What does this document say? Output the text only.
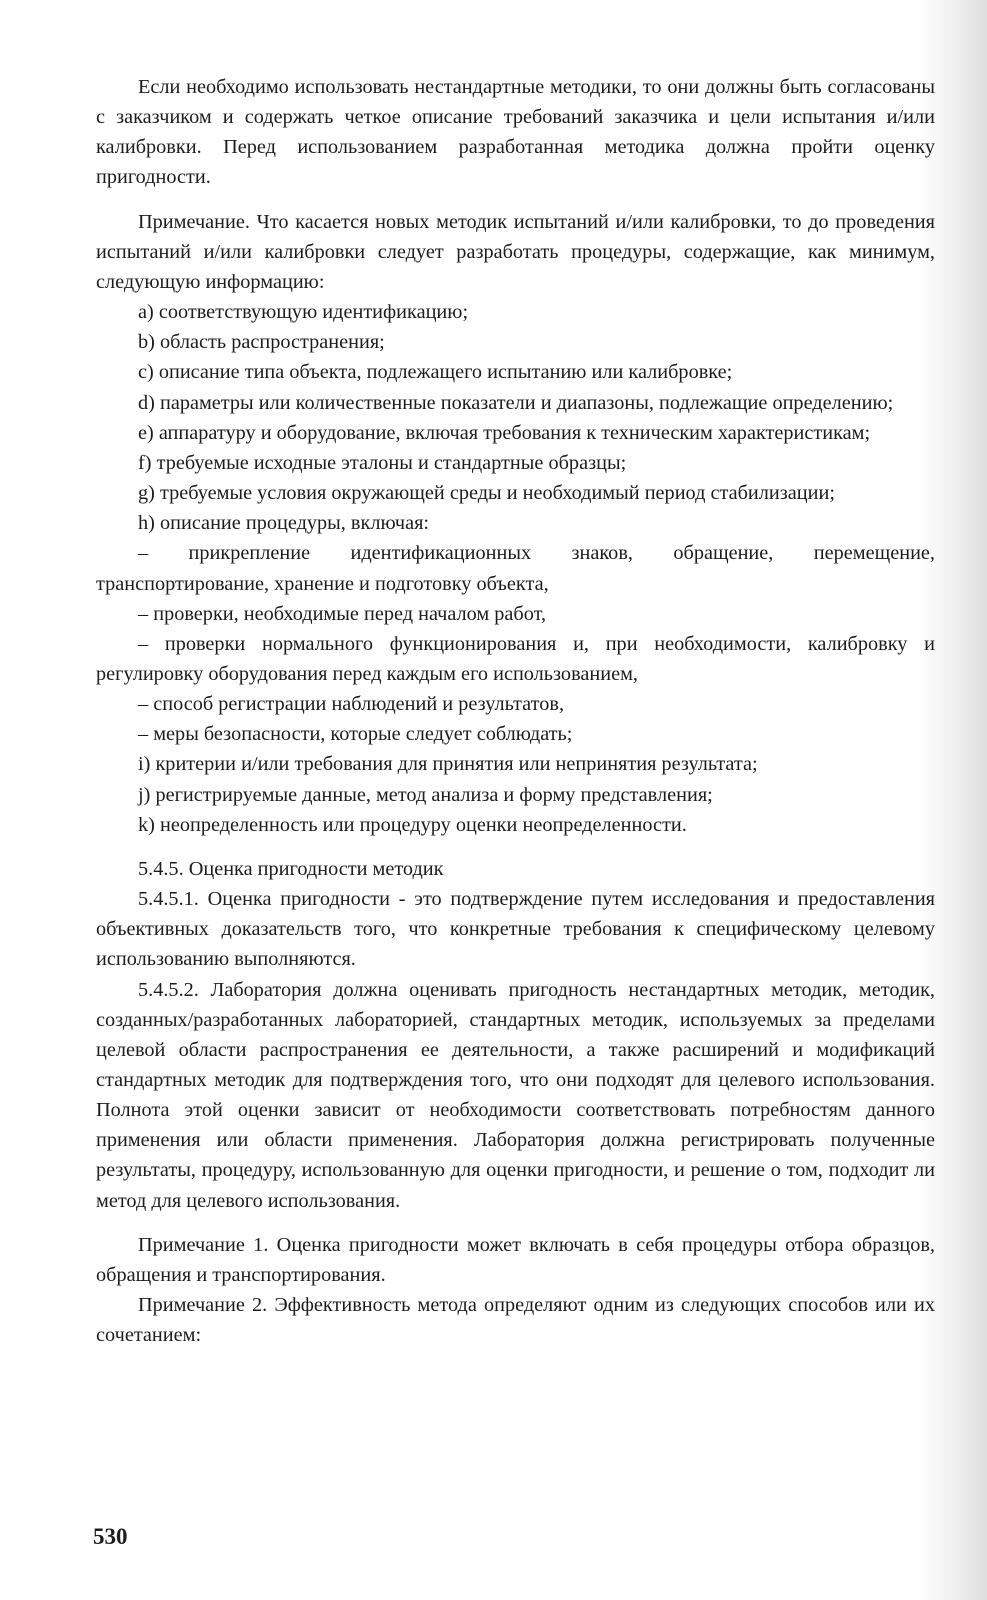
Если необходимо использовать нестандартные методики, то они должны быть согласованы с заказчиком и содержать четкое описание требований заказчика и цели испытания и/или калибровки. Перед использованием разработанная методика должна пройти оценку пригодности.

Примечание. Что касается новых методик испытаний и/или калибровки, то до проведения испытаний и/или калибровки следует разработать процедуры, содержащие, как минимум, следующую информацию:

a) соответствующую идентификацию;

b) область распространения;

c) описание типа объекта, подлежащего испытанию или калибровке;

d) параметры или количественные показатели и диапазоны, подлежащие определению;

e) аппаратуру и оборудование, включая требования к техническим характеристикам;

f) требуемые исходные эталоны и стандартные образцы;

g) требуемые условия окружающей среды и необходимый период стабилизации;

h) описание процедуры, включая:

– прикрепление идентификационных знаков, обращение, перемещение, транспортирование, хранение и подготовку объекта,

– проверки, необходимые перед началом работ,

– проверки нормального функционирования и, при необходимости, калибровку и регулировку оборудования перед каждым его использованием,

– способ регистрации наблюдений и результатов,

– меры безопасности, которые следует соблюдать;

i) критерии и/или требования для принятия или непринятия результата;

j) регистрируемые данные, метод анализа и форму представления;

k) неопределенность или процедуру оценки неопределенности.

5.4.5. Оценка пригодности методик

5.4.5.1. Оценка пригодности - это подтверждение путем исследования и предоставления объективных доказательств того, что конкретные требования к специфическому целевому использованию выполняются.

5.4.5.2. Лаборатория должна оценивать пригодность нестандартных методик, методик, созданных/разработанных лабораторией, стандартных методик, используемых за пределами целевой области распространения ее деятельности, а также расширений и модификаций стандартных методик для подтверждения того, что они подходят для целевого использования. Полнота этой оценки зависит от необходимости соответствовать потребностям данного применения или области применения. Лаборатория должна регистрировать полученные результаты, процедуру, использованную для оценки пригодности, и решение о том, подходит ли метод для целевого использования.

Примечание 1. Оценка пригодности может включать в себя процедуры отбора образцов, обращения и транспортирования.

Примечание 2. Эффективность метода определяют одним из следующих способов или их сочетанием:

530
